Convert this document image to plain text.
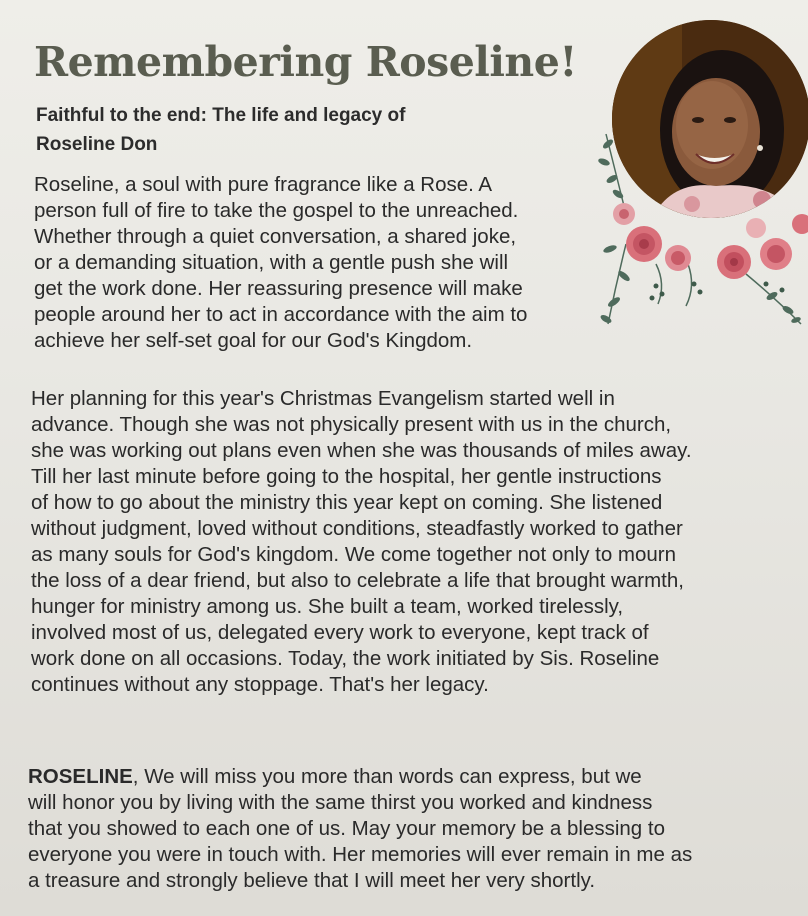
Remembering Roseline!

Faithful to the end: The life and legacy of
Roseline Don

Roseline, a soul with pure fragrance like a Rose. A
person full of fire to take the gospel to the unreached.
Whether through a quiet conversation, a shared joke,
or a demanding situation, with a gentle push she will
get the work done. Her reassuring presence will make
people around her to act in accordance with the aim to
achieve her self-set goal for our God's Kingdom.

Her planning for this year's Christmas Evangelism started well in
advance. Though she was not physically present with us in the church,
she was working out plans even when she was thousands of miles away.
Till her last minute before going to the hospital, her gentle instructions
of how to go about the ministry this year kept on coming. She listened
without judgment, loved without conditions, steadfastly worked to gather
as many souls for God's kingdom. We come together not only to mourn
the loss of a dear friend, but also to celebrate a life that brought warmth,
hunger for ministry among us. She built a team, worked tirelessly,
involved most of us, delegated every work to everyone, kept track of
work done on all occasions. Today, the work initiated by Sis. Roseline
continues without any stoppage. That's her legacy.

ROSELINE, We will miss you more than words can express, but we
will honor you by living with the same thirst you worked and kindness
that you showed to each one of us. May your memory be a blessing to
everyone you were in touch with. Her memories will ever remain in me as
a treasure and strongly believe that I will meet her very shortly.
